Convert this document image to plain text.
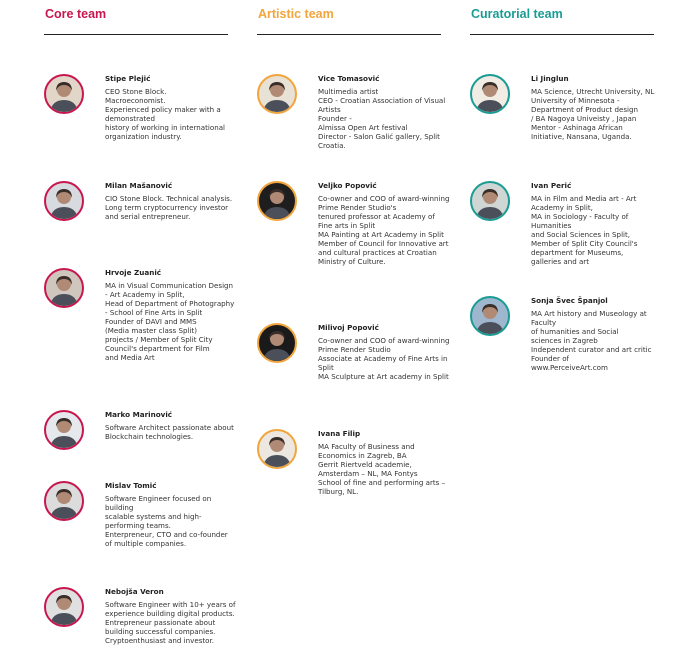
Core team
Stipe Plejić
CEO Stone Block.
Macroeconomist.
Experienced policy maker with a demonstrated
history of working in international
organization industry.
Milan Mašanović
CIO Stone Block. Technical analysis.
Long term cryptocurrency investor
and serial entrepreneur.
Hrvoje Zuanić
MA in Visual Communication Design
- Art Academy in Split,
Head of Department of Photography
- School of Fine Arts in Split
Founder of DAVI and MMS
(Media master class Split)
projects / Member of Split City Council's department for Film
and Media Art
Marko Marinović
Software Architect passionate about Blockchain technologies.
Mislav Tomić
Software Engineer focused on building
scalable systems and high-performing teams.
Enterpreneur, CTO and co-founder
of multiple companies.
Nebojša Veron
Software Engineer with 10+ years of
experience building digital products.
Entrepreneur passionate about building successful companies.
Cryptoenthusiast and investor.
Artistic team
Vice Tomasović
Multimedia artist
CEO - Croatian Association of Visual Artists
Founder -
Almissa Open Art festival
Director - Salon Galić gallery, Split Croatia.
Veljko Popović
Co-owner and COO of award-winning
Prime Render Studio's
tenured professor at Academy of Fine arts in Split
MA Painting at Art Academy in Split
Member of Council for Innovative art and cultural practices at Croatian Ministry of Culture.
Milivoj Popović
Co-owner and COO of award-winning
Prime Render Studio
Associate at Academy of Fine Arts in Split
MA Sculpture at Art academy in Split
Ivana Filip
MA Faculty of Business and Economics in Zagreb, BA
Gerrit Riertveld academie, Amsterdam – NL, MA Fontys
School of fine and performing arts – Tilburg, NL.
Curatorial team
Li Jinglun
MA Science, Utrecht University, NL
University of Minnesota -
Department of Product design
/ BA Nagoya Univeisty , Japan
Mentor - Ashinaga African
Initiative, Nansana, Uganda.
Ivan Perić
MA in Film and Media art - Art Academy in Split,
MA in Sociology - Faculty of Humanities
and Social Sciences in Split,
Member of Split City Council's
department for Museums,
galleries and art
Sonja Švec Španjol
MA Art history and Museology at Faculty
of humanities and Social
sciences in Zagreb
Independent curator and art critic
Founder of
www.PerceiveArt.com
